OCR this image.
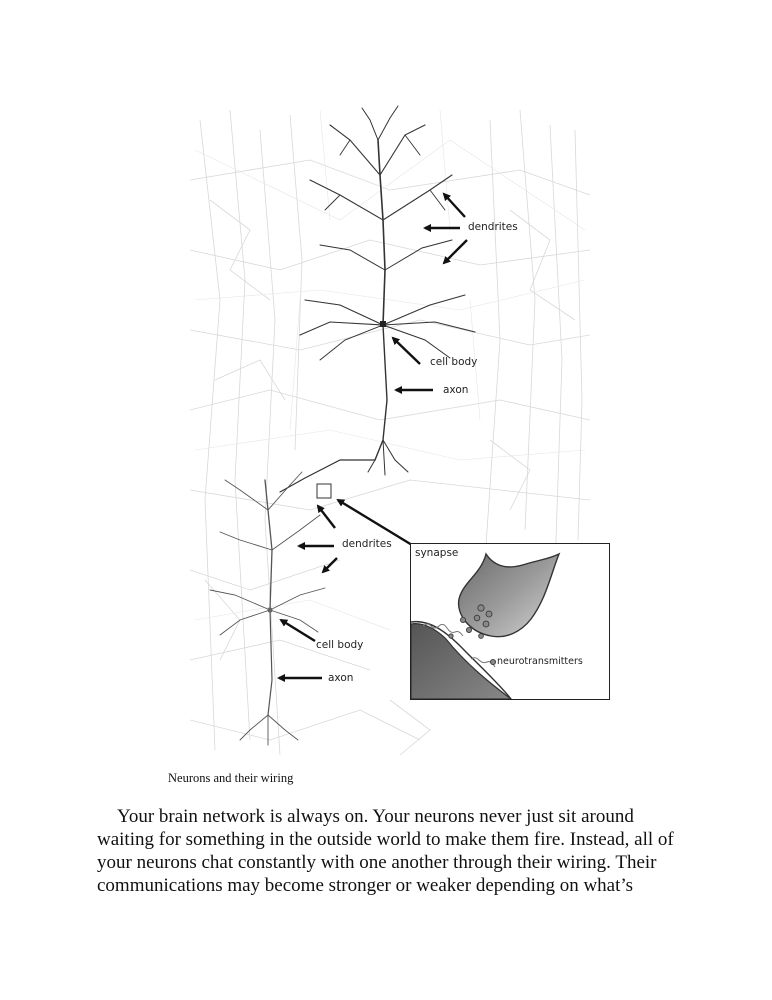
dendrites
cell body
axon
dendrites
cell body
axon
synapse
neurotransmitters
Neurons and their wiring

Your brain network is always on. Your neurons never just sit around
waiting for something in the outside world to make them fire. Instead, all of
your neurons chat constantly with one another through their wiring. Their
communications may become stronger or weaker depending on what’s
